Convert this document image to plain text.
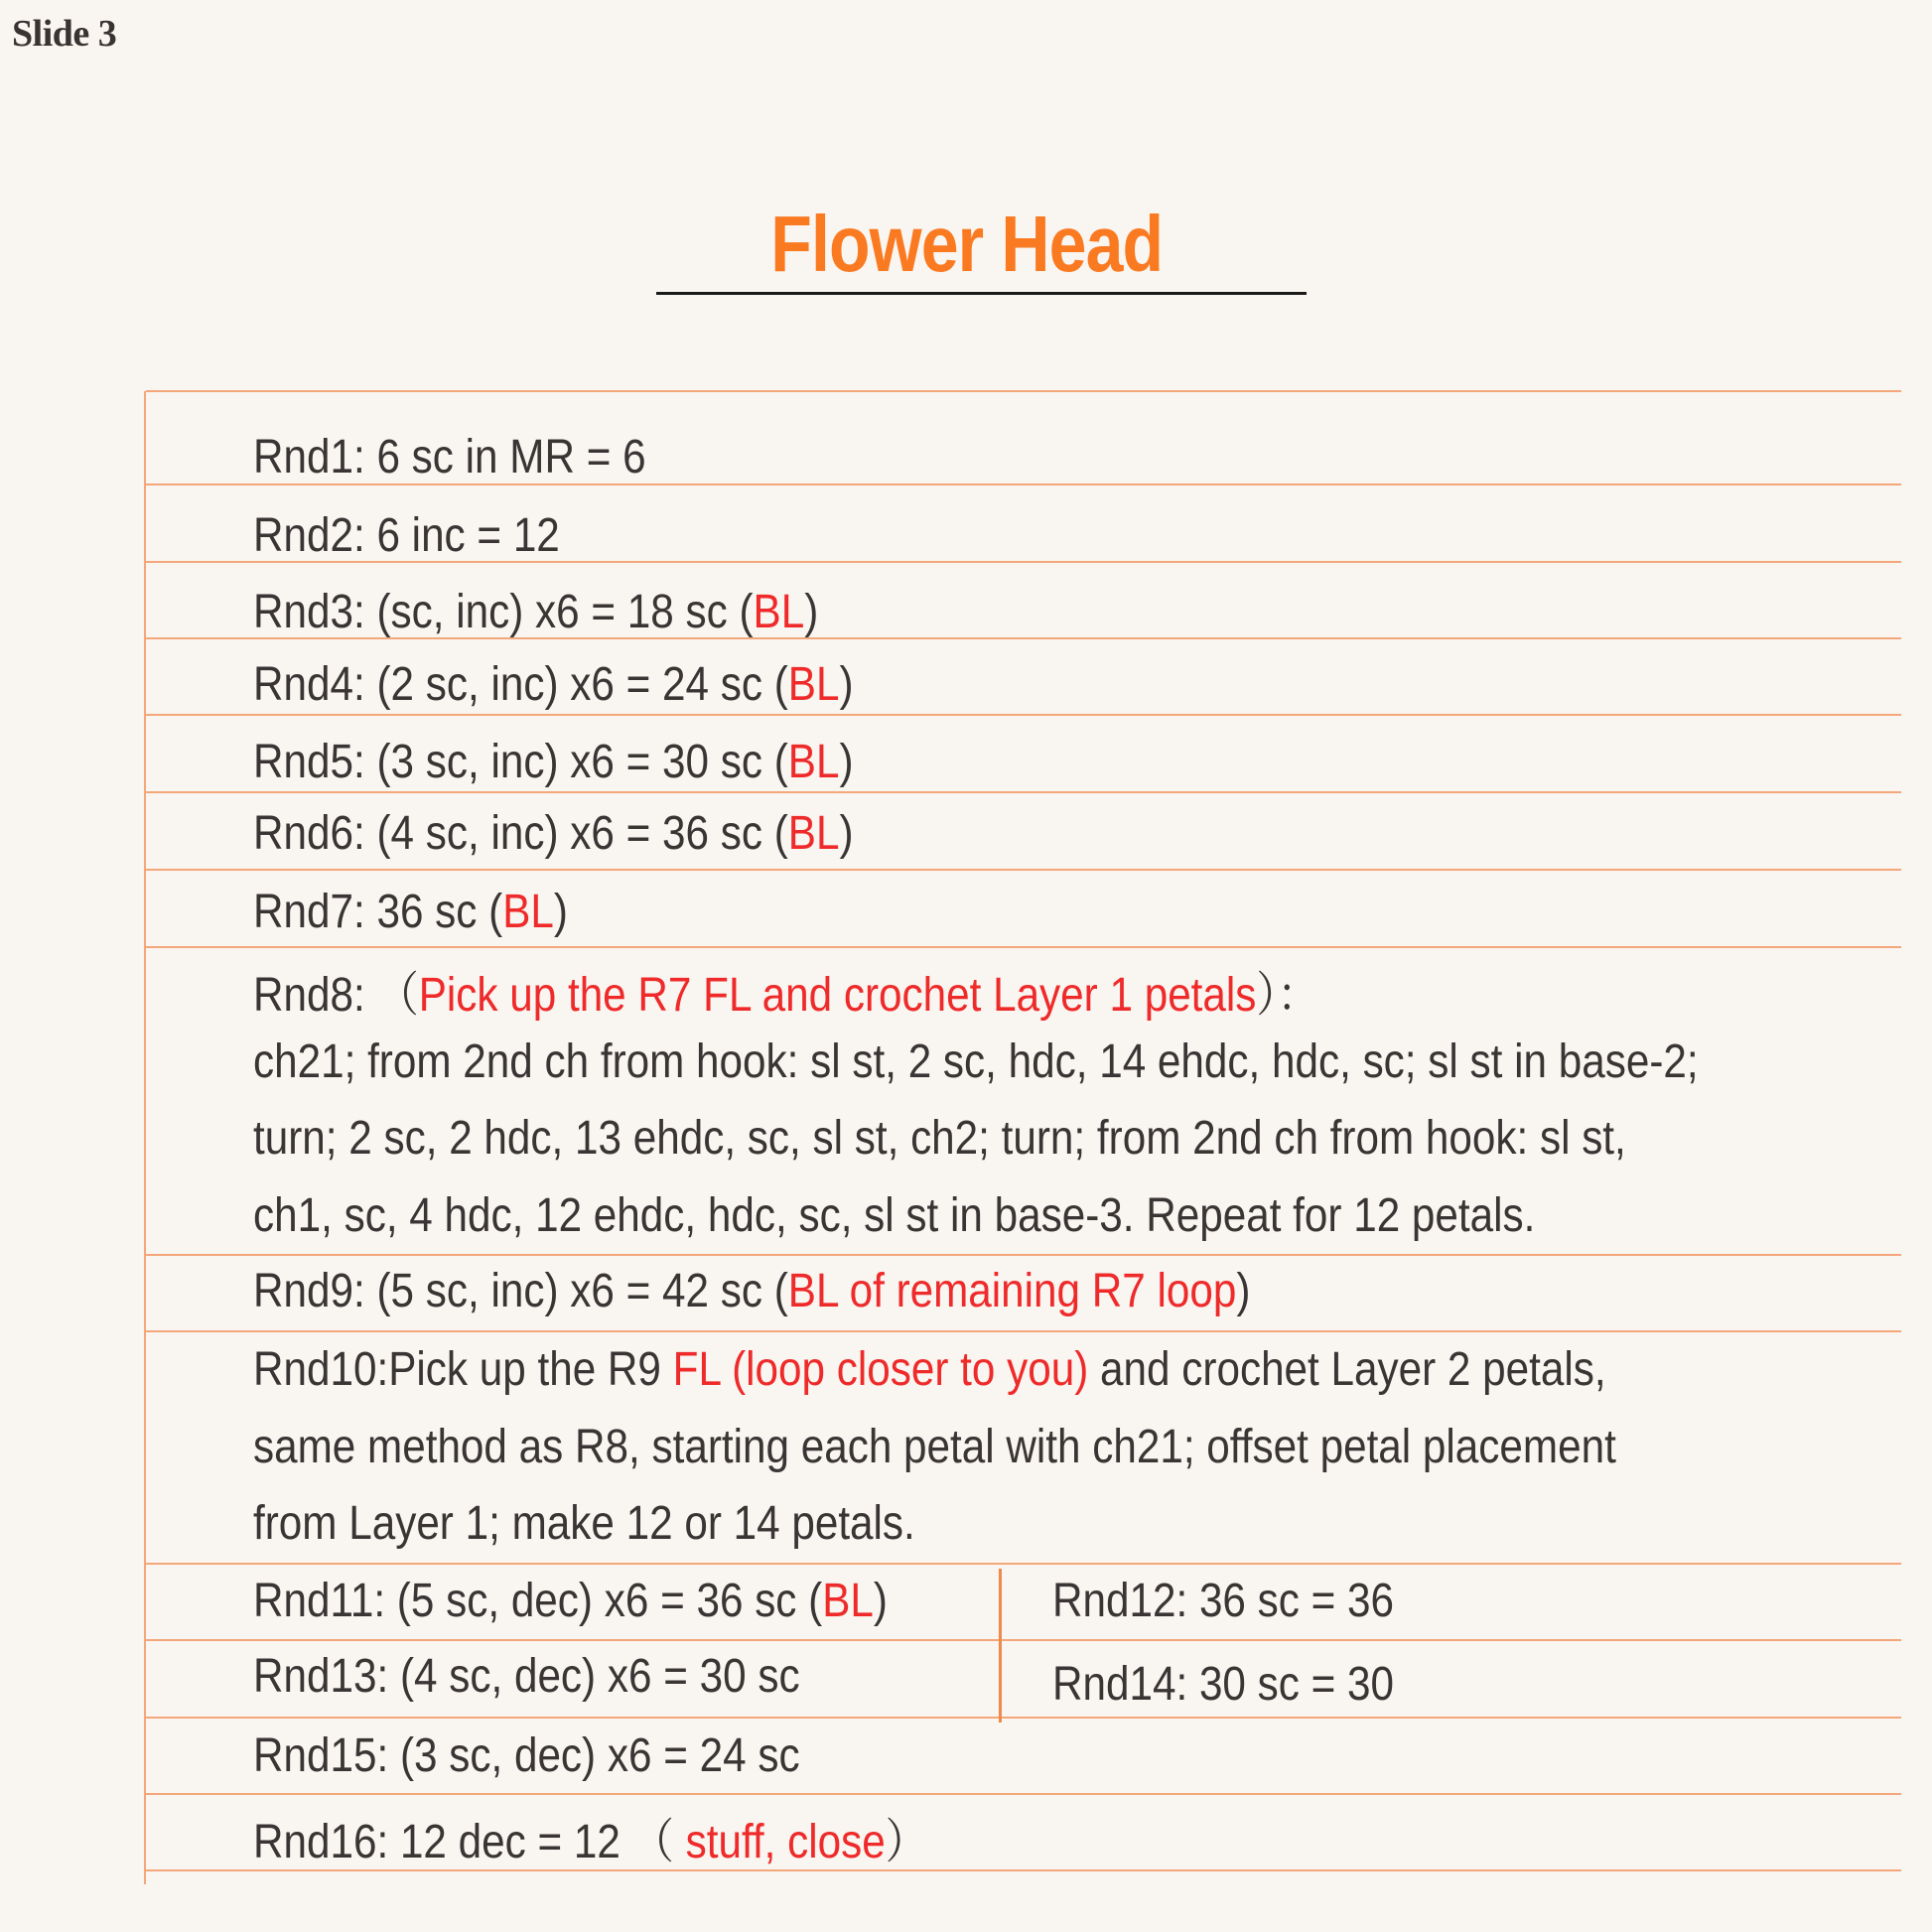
Slide 3
Flower Head
Rnd1: 6 sc in MR = 6
Rnd2: 6 inc = 12
Rnd3: (sc, inc) x6 = 18 sc (BL)
Rnd4: (2 sc, inc) x6 = 24 sc (BL)
Rnd5: (3 sc, inc) x6 = 30 sc (BL)
Rnd6: (4 sc, inc) x6 = 36 sc (BL)
Rnd7: 36 sc (BL)
Rnd8: （Pick up the R7 FL and crochet Layer 1 petals）：
ch21; from 2nd ch from hook: sl st, 2 sc, hdc, 14 ehdc, hdc, sc; sl st in base-2;
turn; 2 sc, 2 hdc, 13 ehdc, sc, sl st, ch2; turn; from 2nd ch from hook: sl st,
ch1, sc, 4 hdc, 12 ehdc, hdc, sc, sl st in base-3. Repeat for 12 petals.
Rnd9: (5 sc, inc) x6 = 42 sc (BL of remaining R7 loop)
Rnd10:Pick up the R9 FL (loop closer to you) and crochet Layer 2 petals,
same method as R8, starting each petal with ch21; offset petal placement
from Layer 1; make 12 or 14 petals.
Rnd11: (5 sc, dec) x6 = 36 sc (BL)	Rnd12: 36 sc = 36
Rnd13: (4 sc, dec) x6 = 30 sc	Rnd14: 30 sc = 30
Rnd15: (3 sc, dec) x6 = 24 sc
Rnd16: 12 dec = 12 （ stuff, close）
